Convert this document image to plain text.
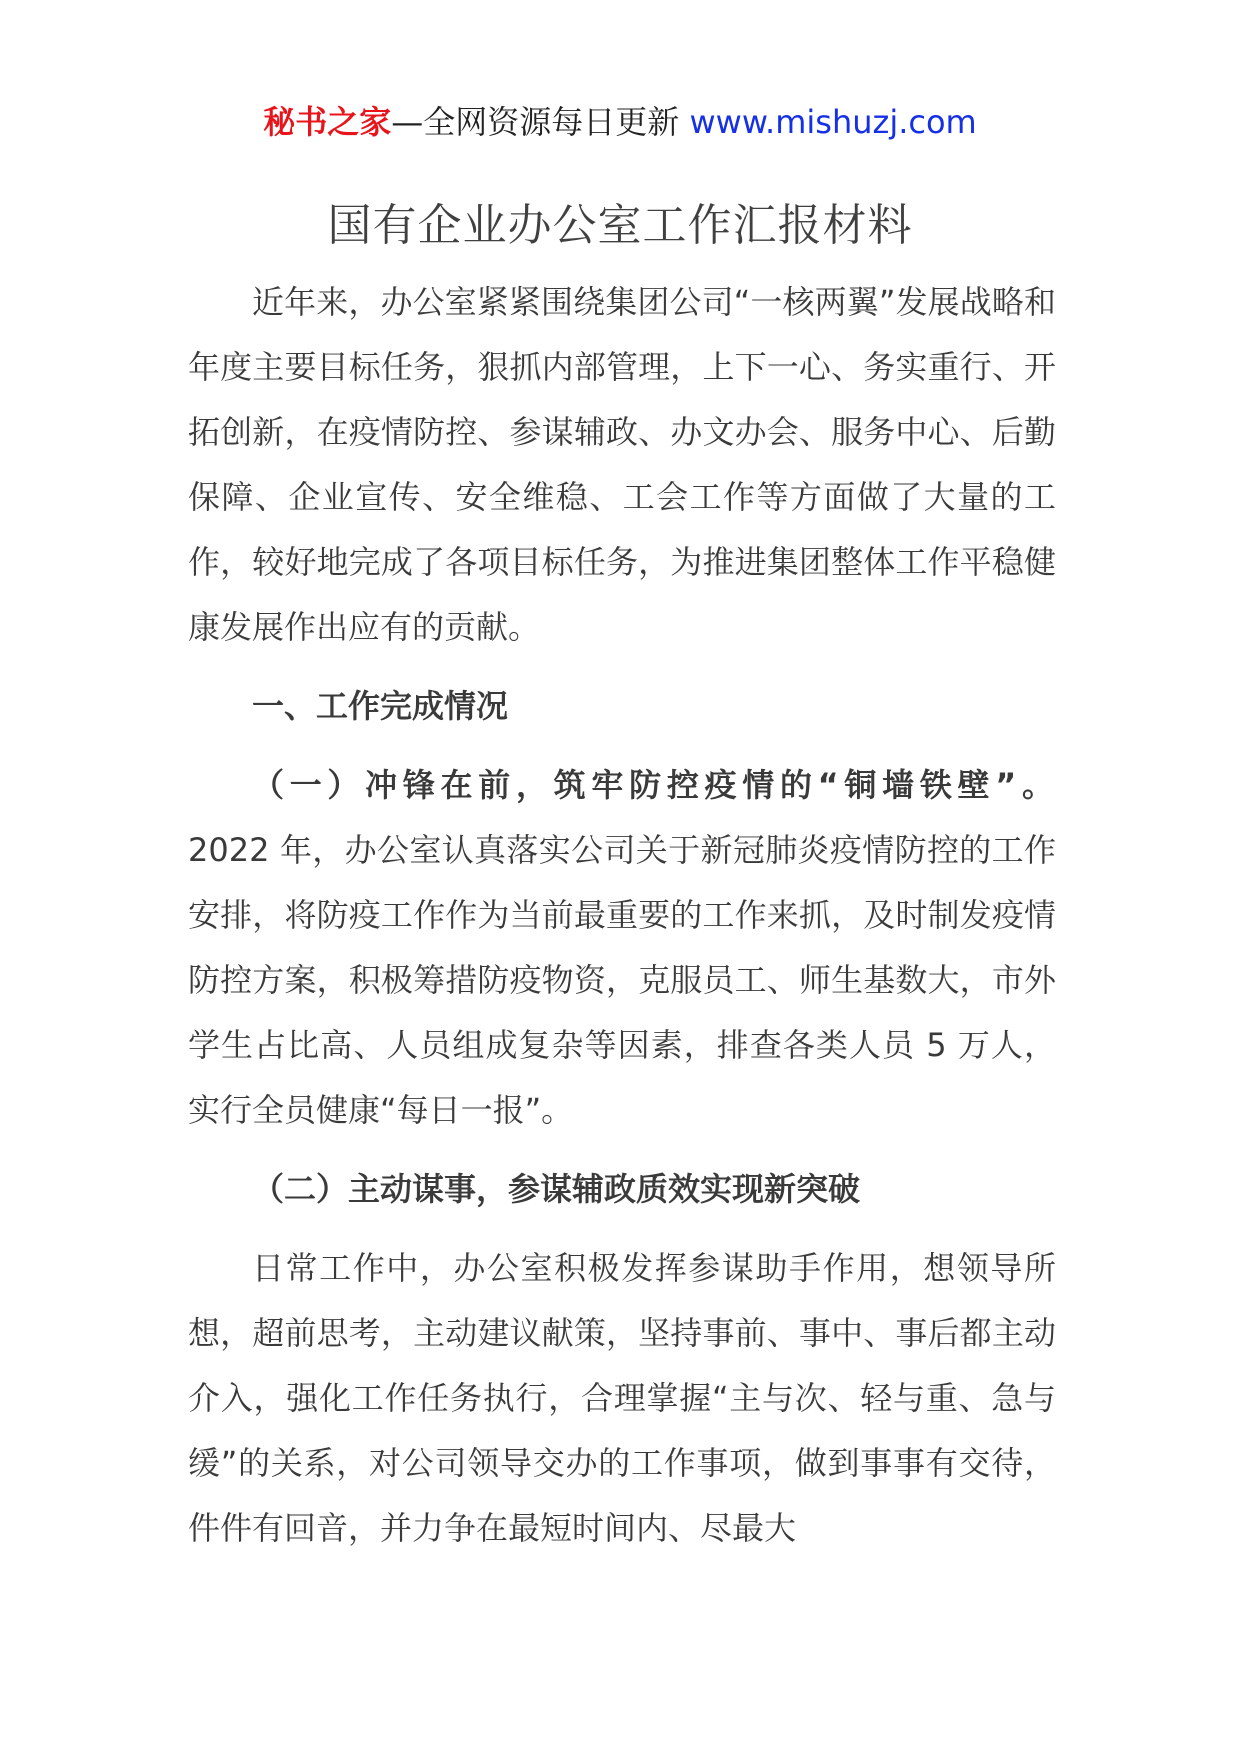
秘书之家—全网资源每日更新 www.mishuzj.com
国有企业办公室工作汇报材料

近年来，办公室紧紧围绕集团公司“一核两翼”发展战略和年度主要目标任务，狠抓内部管理，上下一心、务实重行、开拓创新，在疫情防控、参谋辅政、办文办会、服务中心、后勤保障、企业宣传、安全维稳、工会工作等方面做了大量的工作，较好地完成了各项目标任务，为推进集团整体工作平稳健康发展作出应有的贡献。

一、工作完成情况

（一）冲锋在前，筑牢防控疫情的“铜墙铁壁”。2022 年，办公室认真落实公司关于新冠肺炎疫情防控的工作安排，将防疫工作作为当前最重要的工作来抓，及时制发疫情防控方案，积极筹措防疫物资，克服员工、师生基数大，市外学生占比高、人员组成复杂等因素，排查各类人员 5 万人，实行全员健康“每日一报”。

（二）主动谋事，参谋辅政质效实现新突破

日常工作中，办公室积极发挥参谋助手作用，想领导所想，超前思考，主动建议献策，坚持事前、事中、事后都主动介入，强化工作任务执行，合理掌握“主与次、轻与重、急与缓”的关系，对公司领导交办的工作事项，做到事事有交待，件件有回音，并力争在最短时间内、尽最大
